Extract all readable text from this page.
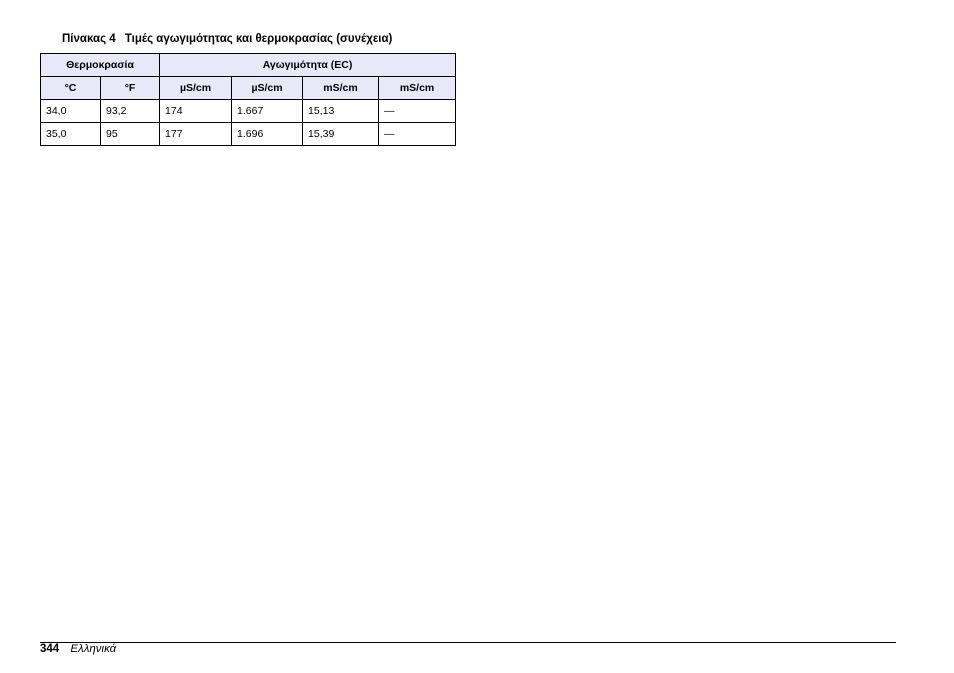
Πίνακας 4 Τιμές αγωγιμότητας και θερμοκρασίας (συνέχεια)
Θερμοκρασία		Αγωγιμότητα (EC)			
°C	°F	µS/cm	µS/cm	mS/cm	mS/cm
34,0	93,2	174	1.667	15,13	—
35,0	95	177	1.696	15,39	—
344 Ελληνικά
